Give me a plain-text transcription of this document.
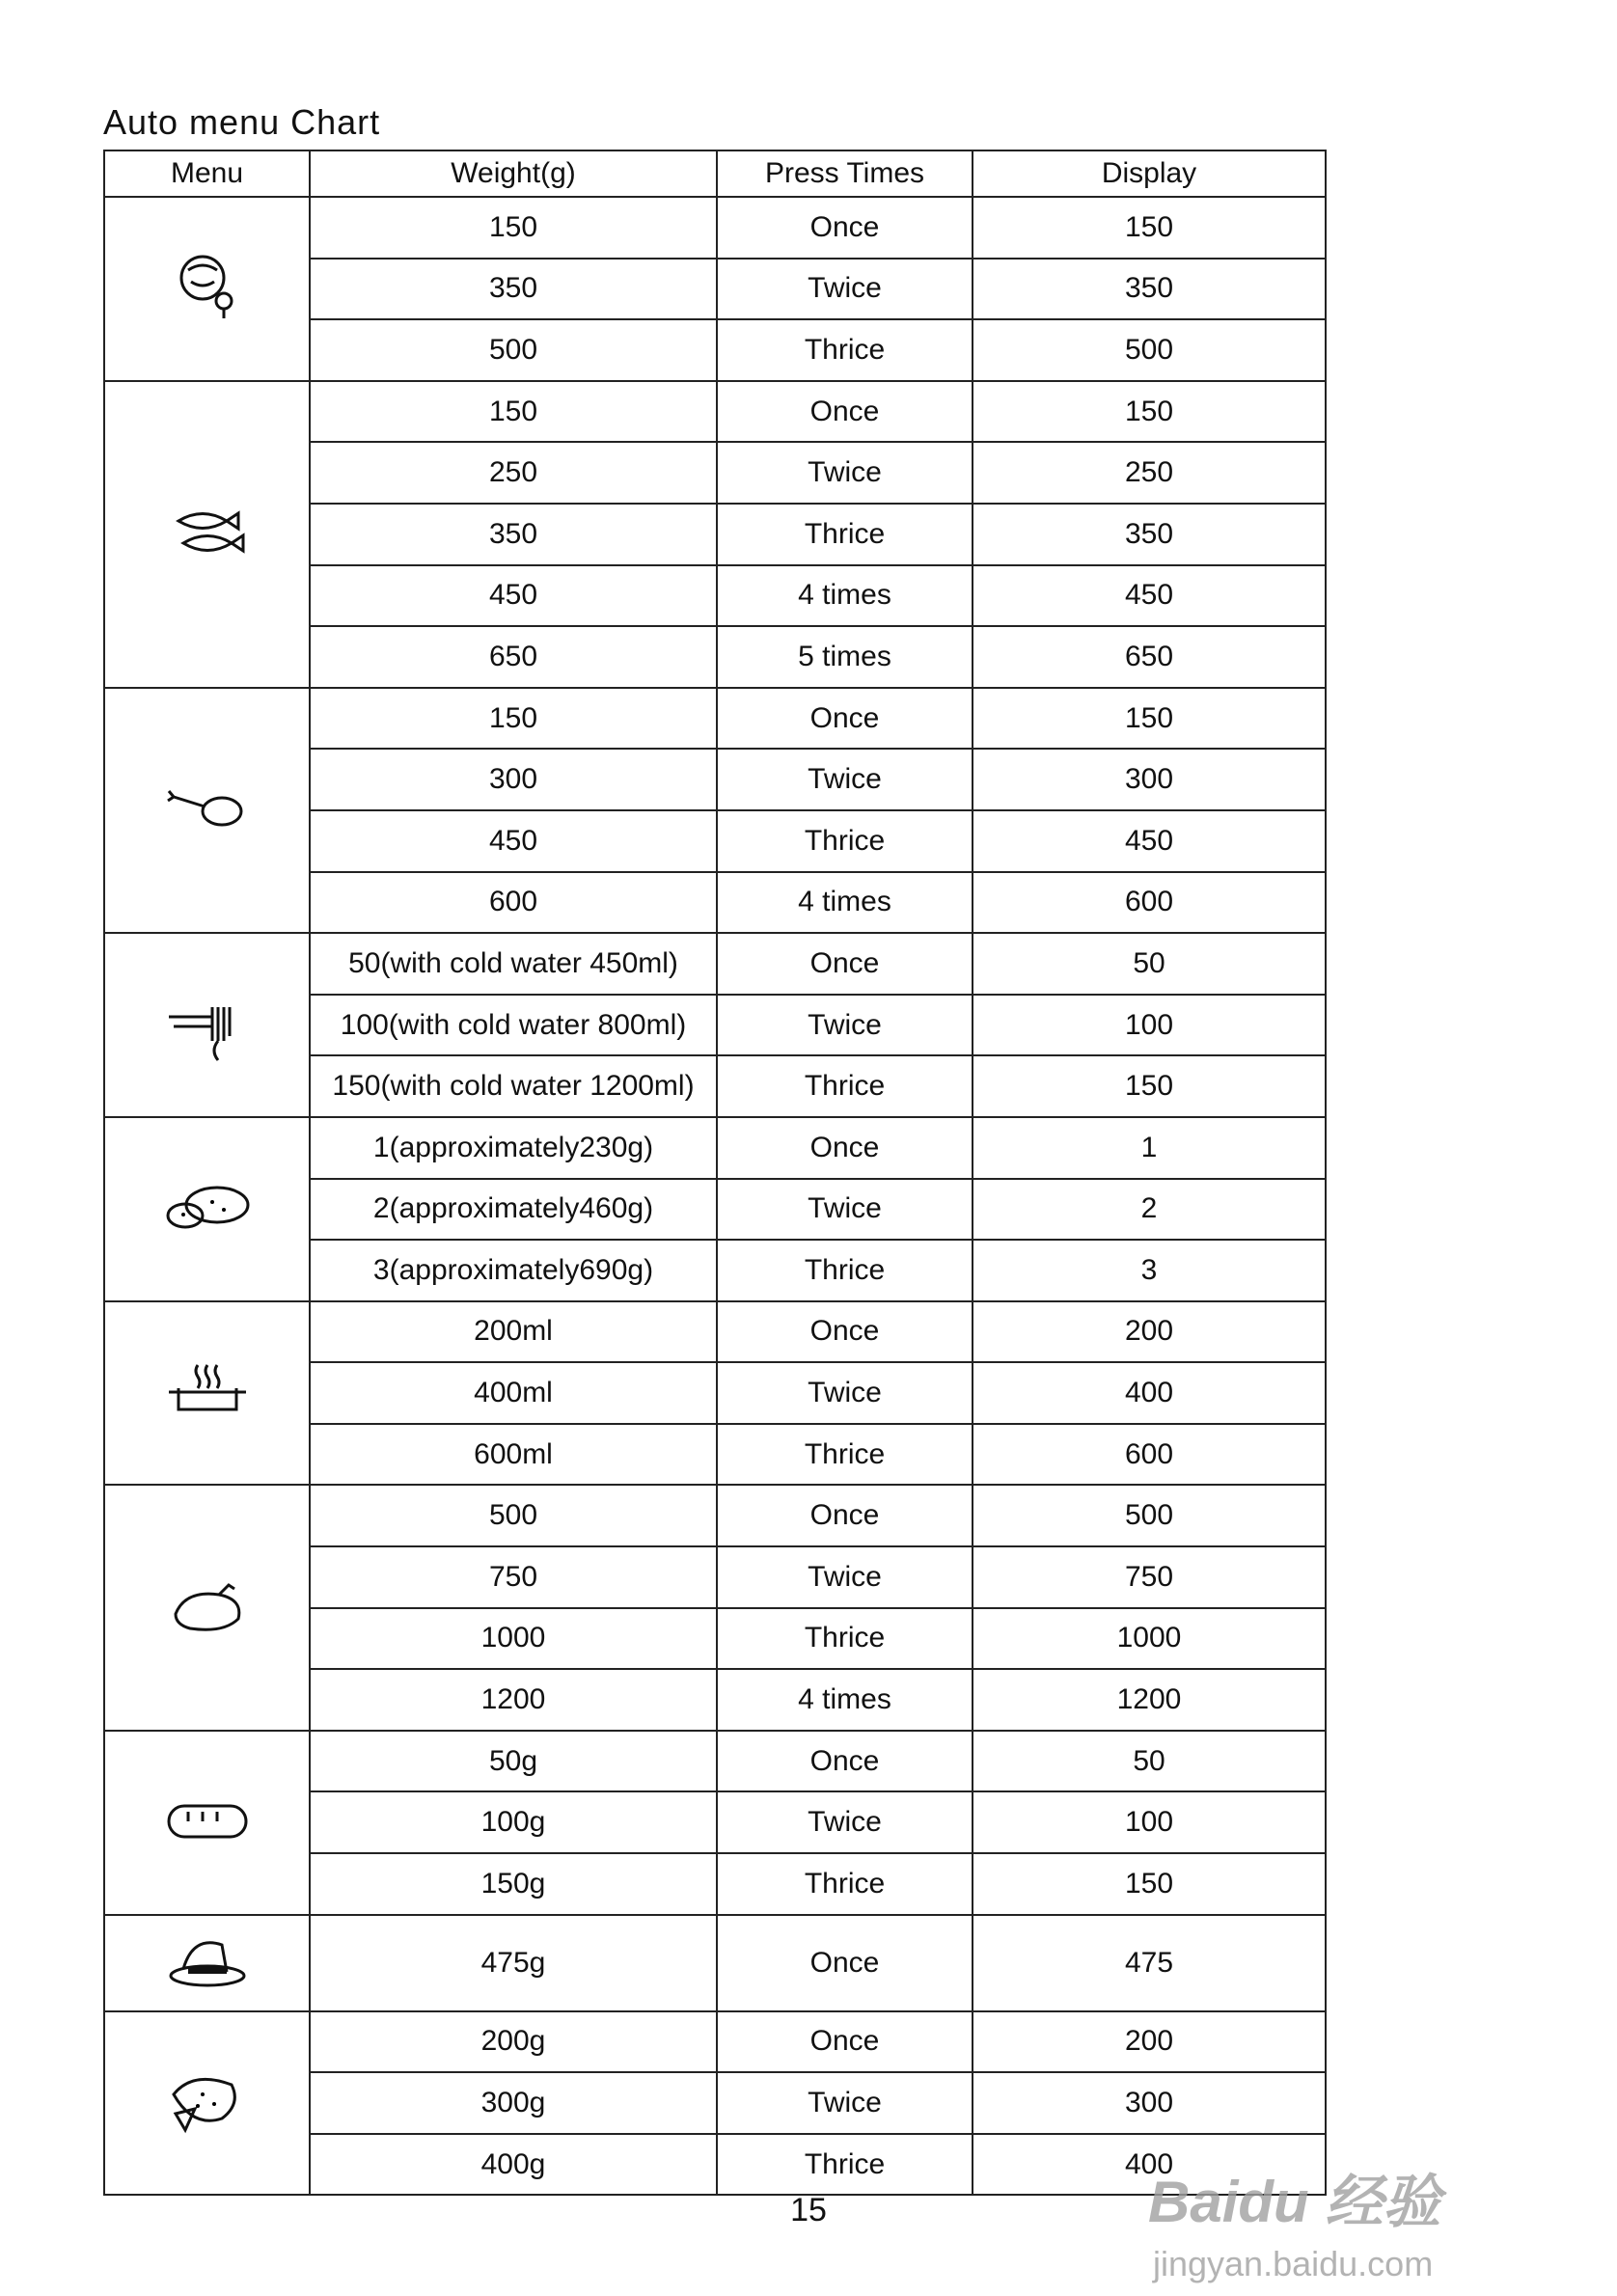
Auto menu Chart
Menu	Weight(g)	Press Times	Display
	150	Once	150
	350	Twice	350
	500	Thrice	500
	150	Once	150
	250	Twice	250
	350	Thrice	350
	450	4 times	450
	650	5 times	650
	150	Once	150
	300	Twice	300
	450	Thrice	450
	600	4 times	600
	50(with cold water 450ml)	Once	50
	100(with cold water 800ml)	Twice	100
	150(with cold water 1200ml)	Thrice	150
	1(approximately230g)	Once	1
	2(approximately460g)	Twice	2
	3(approximately690g)	Thrice	3
	200ml	Once	200
	400ml	Twice	400
	600ml	Thrice	600
	500	Once	500
	750	Twice	750
	1000	Thrice	1000
	1200	4 times	1200
	50g	Once	50
	100g	Twice	100
	150g	Thrice	150
	475g	Once	475
	200g	Once	200
	300g	Twice	300
	400g	Thrice	400
15	Baidu 经验
jingyan.baidu.com
